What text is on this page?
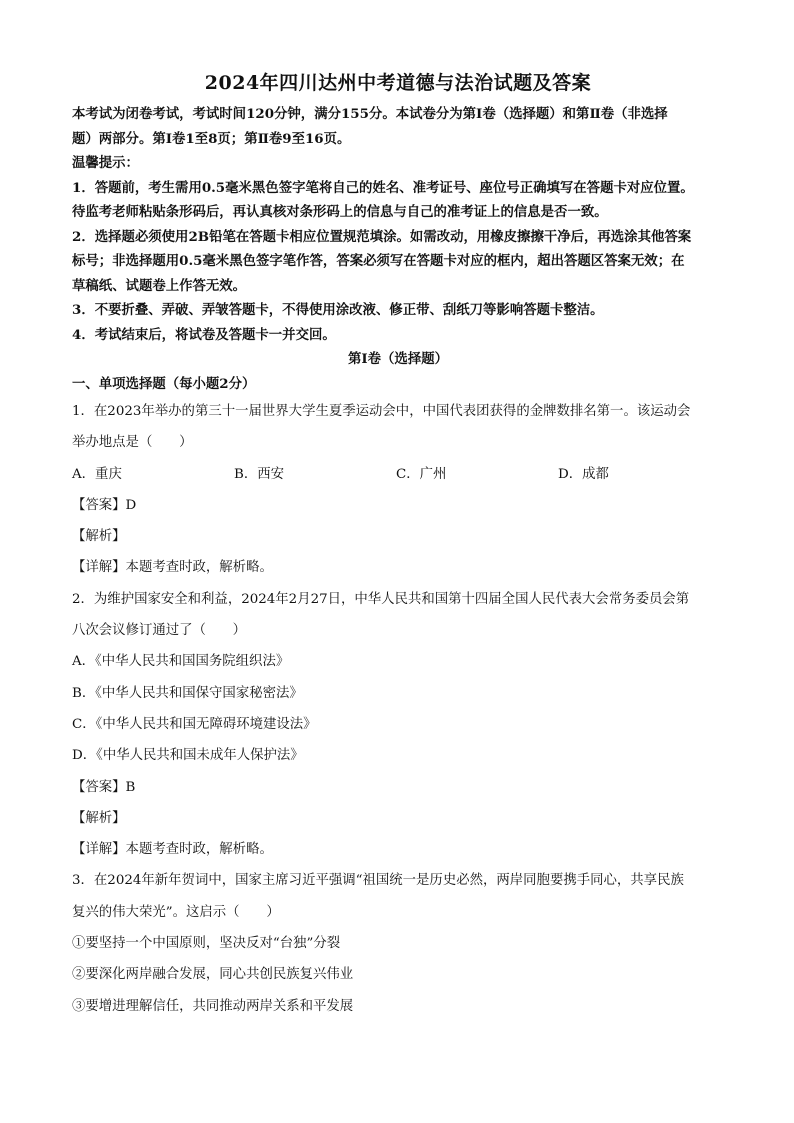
2024年四川达州中考道德与法治试题及答案
本考试为闭卷考试，考试时间120分钟，满分155分。本试卷分为第Ⅰ卷（选择题）和第Ⅱ卷（非选择
题）两部分。第Ⅰ卷1至8页；第Ⅱ卷9至16页。
温馨提示：
1．答题前，考生需用0.5毫米黑色签字笔将自己的姓名、准考证号、座位号正确填写在答题卡对应位置。
待监考老师粘贴条形码后，再认真核对条形码上的信息与自己的准考证上的信息是否一致。
2．选择题必须使用2B铅笔在答题卡相应位置规范填涂。如需改动，用橡皮擦擦干净后，再选涂其他答案
标号；非选择题用0.5毫米黑色签字笔作答，答案必须写在答题卡对应的框内，超出答题区答案无效；在
草稿纸、试题卷上作答无效。
3．不要折叠、弄破、弄皱答题卡，不得使用涂改液、修正带、刮纸刀等影响答题卡整洁。
4．考试结束后，将试卷及答题卡一并交回。
第Ⅰ卷（选择题）
一、单项选择题（每小题2分）
1．在2023年举办的第三十一届世界大学生夏季运动会中，中国代表团获得的金牌数排名第一。该运动会
举办地点是（　　）
A．重庆	B．西安	C．广州	D．成都
【答案】D
【解析】
【详解】本题考查时政，解析略。
2．为维护国家安全和利益，2024年2月27日，中华人民共和国第十四届全国人民代表大会常务委员会第
八次会议修订通过了（　　）
A．《中华人民共和国国务院组织法》
B．《中华人民共和国保守国家秘密法》
C．《中华人民共和国无障碍环境建设法》
D．《中华人民共和国未成年人保护法》
【答案】B
【解析】
【详解】本题考查时政，解析略。
3．在2024年新年贺词中，国家主席习近平强调“祖国统一是历史必然，两岸同胞要携手同心，共享民族
复兴的伟大荣光”。这启示（　　）
①要坚持一个中国原则，坚决反对“台独”分裂
②要深化两岸融合发展，同心共创民族复兴伟业
③要增进理解信任，共同推动两岸关系和平发展
